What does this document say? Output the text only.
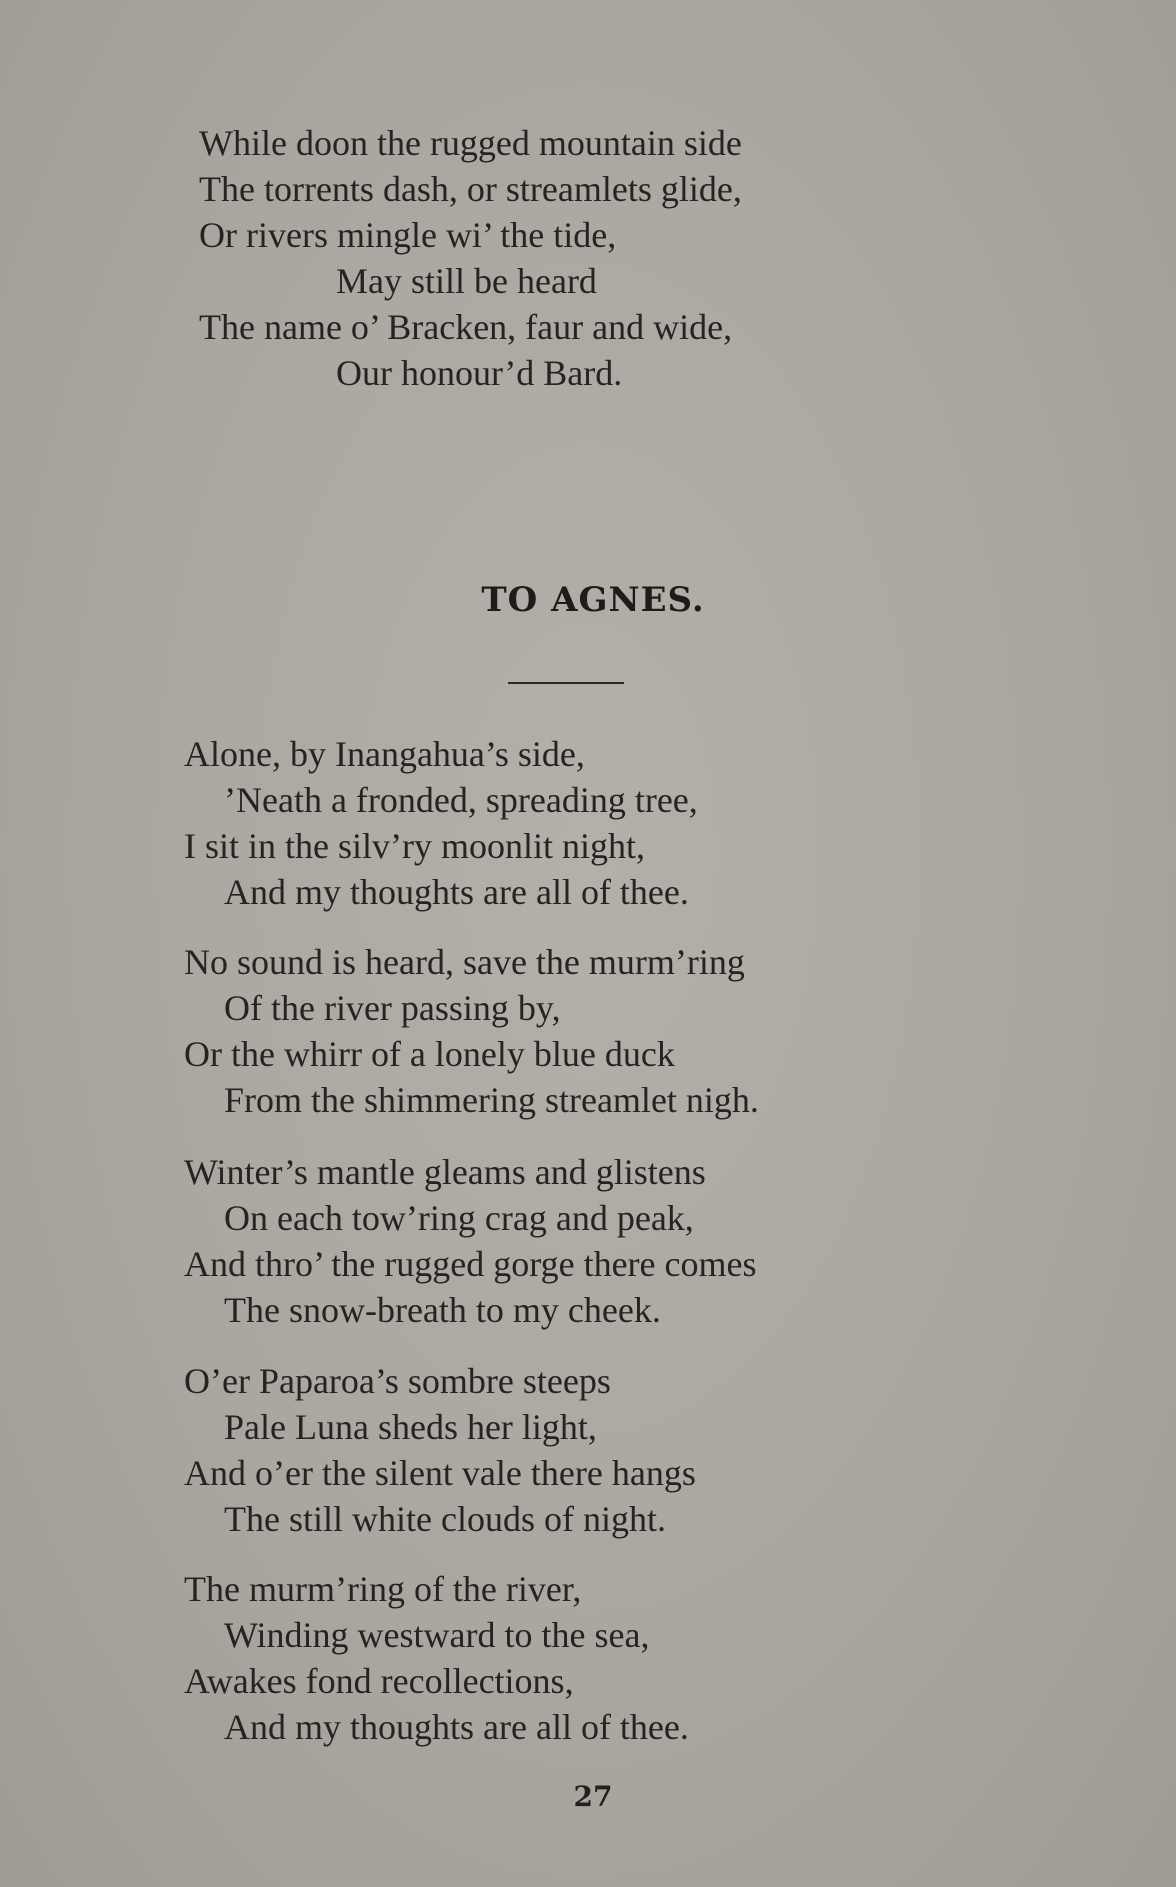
While doon the rugged mountain side
The torrents dash, or streamlets glide,
Or rivers mingle wi’ the tide,
May still be heard
The name o’ Bracken, faur and wide,
Our honour’d Bard.
TO AGNES.
Alone, by Inangahua’s side,
’Neath a fronded, spreading tree,
I sit in the silv’ry moonlit night,
And my thoughts are all of thee.
No sound is heard, save the murm’ring
Of the river passing by,
Or the whirr of a lonely blue duck
From the shimmering streamlet nigh.
Winter’s mantle gleams and glistens
On each tow’ring crag and peak,
And thro’ the rugged gorge there comes
The snow-breath to my cheek.
O’er Paparoa’s sombre steeps
Pale Luna sheds her light,
And o’er the silent vale there hangs
The still white clouds of night.
The murm’ring of the river,
Winding westward to the sea,
Awakes fond recollections,
And my thoughts are all of thee.
27
